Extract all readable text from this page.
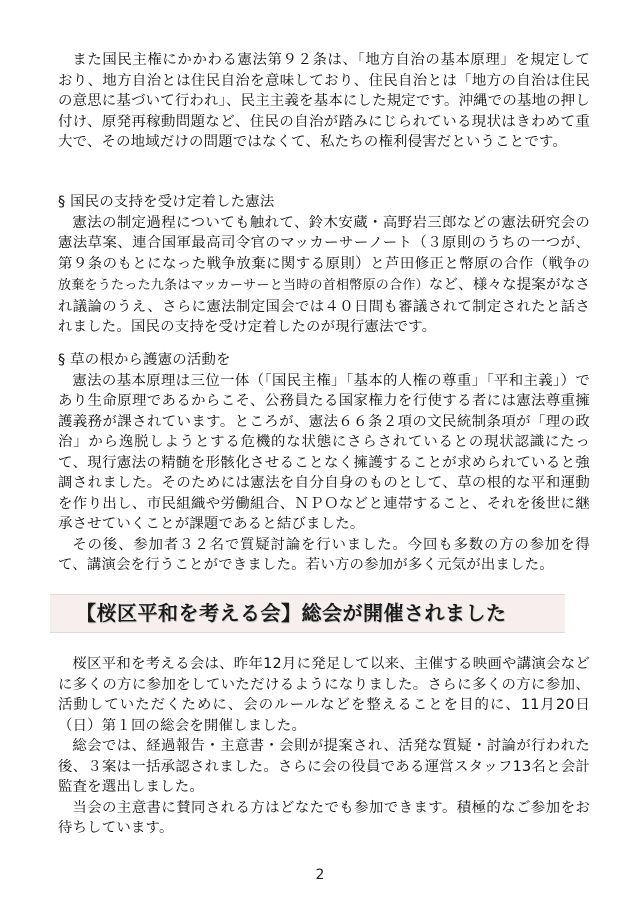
また国民主権にかかわる憲法第９２条は、「地方自治の基本原理」を規定しており、地方自治とは住民自治を意味しており、住民自治とは「地方の自治は住民の意思に基づいて行われ」、民主主義を基本にした規定です。沖縄での基地の押し付け、原発再稼動問題など、住民の自治が踏みにじられている現状はきわめて重大で、その地域だけの問題ではなくて、私たちの権利侵害だということです。

§ 国民の支持を受け定着した憲法

憲法の制定過程についても触れて、鈴木安蔵・高野岩三郎などの憲法研究会の憲法草案、連合国軍最高司令官のマッカーサーノート（３原則のうちの一つが、第９条のもとになった戦争放棄に関する原則）と芦田修正と幣原の合作（戦争の放棄をうたった九条はマッカーサーと当時の首相幣原の合作）など、様々な提案がなされ議論のうえ、さらに憲法制定国会では４０日間も審議されて制定されたと話されました。国民の支持を受け定着したのが現行憲法です。

§ 草の根から護憲の活動を

憲法の基本原理は三位一体（「国民主権」「基本的人権の尊重」「平和主義」）であり生命原理であるからこそ、公務員たる国家権力を行使する者には憲法尊重擁護義務が課されています。ところが、憲法６６条２項の文民統制条項が「理の政治」から逸脱しようとする危機的な状態にさらされているとの現状認識にたって、現行憲法の精髄を形骸化させることなく擁護することが求められていると強調されました。そのためには憲法を自分自身のものとして、草の根的な平和運動を作り出し、市民組織や労働組合、ＮＰＯなどと連帯すること、それを後世に継承させていくことが課題であると結びました。

その後、参加者３２名で質疑討論を行いました。今回も多数の方の参加を得て、講演会を行うことができました。若い方の参加が多く元気が出ました。

【桜区平和を考える会】総会が開催されました

桜区平和を考える会は、昨年12月に発足して以来、主催する映画や講演会などに多くの方に参加をしていただけるようになりました。さらに多くの方に参加、活動していただくために、会のルールなどを整えることを目的に、11月20日（日）第１回の総会を開催しました。

総会では、経過報告・主意書・会則が提案され、活発な質疑・討論が行われた後、３案は一括承認されました。さらに会の役員である運営スタッフ13名と会計監査を選出しました。

当会の主意書に賛同される方はどなたでも参加できます。積極的なご参加をお待ちしています。

2
